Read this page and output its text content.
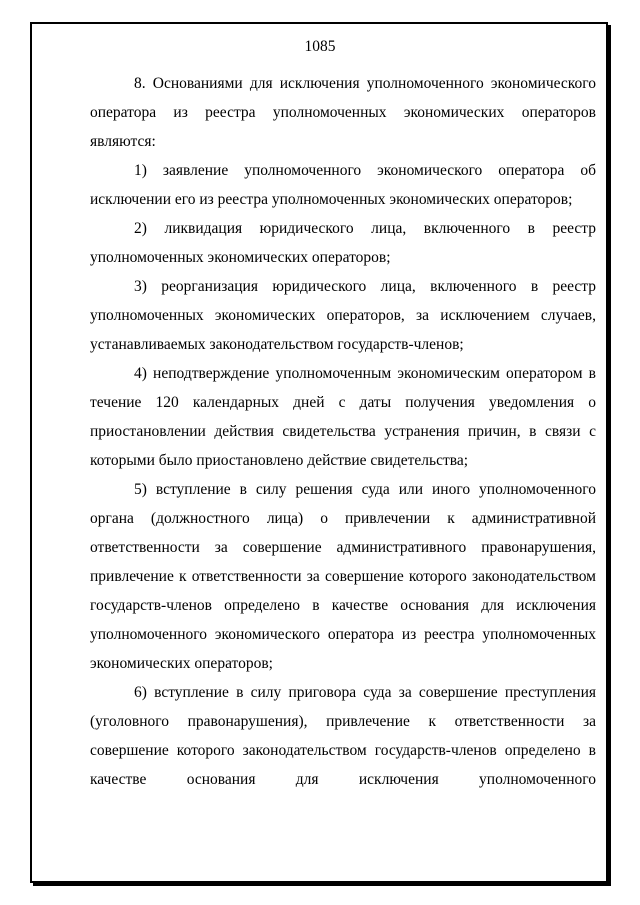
1085

8. Основаниями для исключения уполномоченного экономического оператора из реестра уполномоченных экономических операторов являются:

1) заявление уполномоченного экономического оператора об исключении его из реестра уполномоченных экономических операторов;

2) ликвидация юридического лица, включенного в реестр уполномоченных экономических операторов;

3) реорганизация юридического лица, включенного в реестр уполномоченных экономических операторов, за исключением случаев, устанавливаемых законодательством государств-членов;

4) неподтверждение уполномоченным экономическим оператором в течение 120 календарных дней с даты получения уведомления о приостановлении действия свидетельства устранения причин, в связи с которыми было приостановлено действие свидетельства;

5) вступление в силу решения суда или иного уполномоченного органа (должностного лица) о привлечении к административной ответственности за совершение административного правонарушения, привлечение к ответственности за совершение которого законодательством государств-членов определено в качестве основания для исключения уполномоченного экономического оператора из реестра уполномоченных экономических операторов;

6) вступление в силу приговора суда за совершение преступления (уголовного правонарушения), привлечение к ответственности за совершение которого законодательством государств-членов определено в качестве основания для исключения уполномоченного
